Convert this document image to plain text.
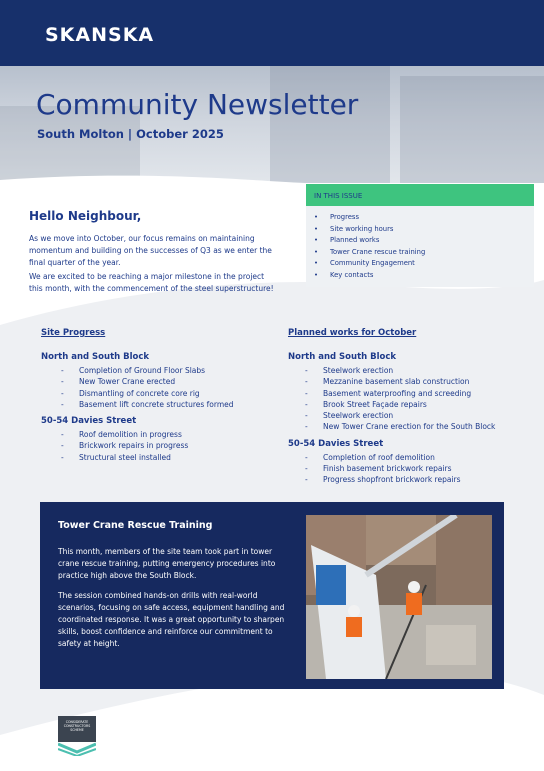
SKANSKA
Community Newsletter
South Molton | October 2025
Hello Neighbour,
As we move into October, our focus remains on maintaining momentum and building on the successes of Q3 as we enter the final quarter of the year.
We are excited to be reaching a major milestone in the project this month, with the commencement of the steel superstructure!
IN THIS ISSUE
• Progress
• Site working hours
• Planned works
• Tower Crane rescue training
• Community Engagement
• Key contacts
Site Progress
North and South Block
- Completion of Ground Floor Slabs
- New Tower Crane erected
- Dismantling of concrete core rig
- Basement lift concrete structures formed
50-54 Davies Street
- Roof demolition in progress
- Brickwork repairs in progress
- Structural steel installed
Planned works for October
North and South Block
- Steelwork erection
- Mezzanine basement slab construction
- Basement waterproofing and screeding
- Brook Street Façade repairs
- Steelwork erection
- New Tower Crane erection for the South Block
50-54 Davies Street
- Completion of roof demolition
- Finish basement brickwork repairs
- Progress shopfront brickwork repairs
Tower Crane Rescue Training
This month, members of the site team took part in tower crane rescue training, putting emergency procedures into practice high above the South Block.
The session combined hands-on drills with real-world scenarios, focusing on safe access, equipment handling and coordinated response. It was a great opportunity to sharpen skills, boost confidence and reinforce our commitment to safety at height.
CONSIDERATE
CONSTRUCTORS
SCHEME
